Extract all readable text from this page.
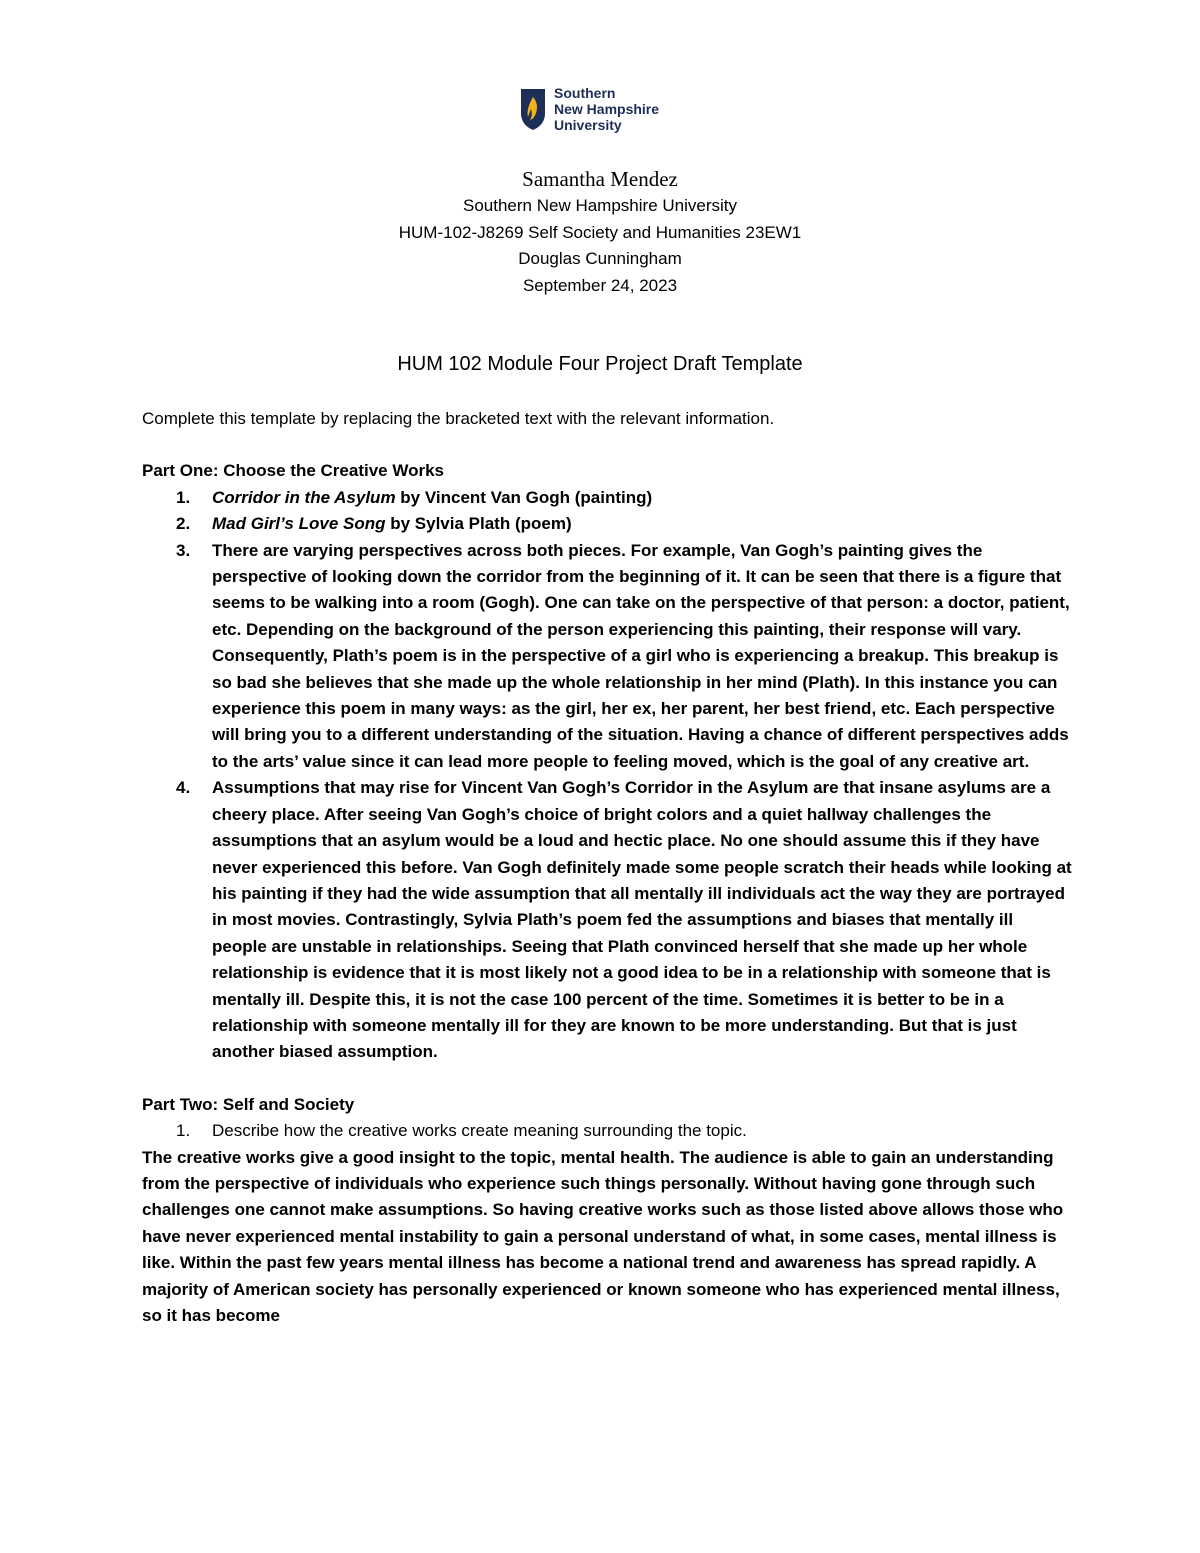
Southern
New Hampshire
University
Samantha Mendez
Southern New Hampshire University
HUM-102-J8269 Self Society and Humanities 23EW1
Douglas Cunningham
September 24, 2023
HUM 102 Module Four Project Draft Template

Complete this template by replacing the bracketed text with the relevant information.

Part One: Choose the Creative Works

1. Corridor in the Asylum by Vincent Van Gogh (painting)
2. Mad Girl’s Love Song by Sylvia Plath (poem)
3. There are varying perspectives across both pieces. For example, Van Gogh’s painting gives the perspective of looking down the corridor from the beginning of it. It can be seen that there is a figure that seems to be walking into a room (Gogh). One can take on the perspective of that person: a doctor, patient, etc. Depending on the background of the person experiencing this painting, their response will vary. Consequently, Plath’s poem is in the perspective of a girl who is experiencing a breakup. This breakup is so bad she believes that she made up the whole relationship in her mind (Plath). In this instance you can experience this poem in many ways: as the girl, her ex, her parent, her best friend, etc. Each perspective will bring you to a different understanding of the situation. Having a chance of different perspectives adds to the arts’ value since it can lead more people to feeling moved, which is the goal of any creative art.
4. Assumptions that may rise for Vincent Van Gogh’s Corridor in the Asylum are that insane asylums are a cheery place. After seeing Van Gogh’s choice of bright colors and a quiet hallway challenges the assumptions that an asylum would be a loud and hectic place. No one should assume this if they have never experienced this before. Van Gogh definitely made some people scratch their heads while looking at his painting if they had the wide assumption that all mentally ill individuals act the way they are portrayed in most movies. Contrastingly, Sylvia Plath’s poem fed the assumptions and biases that mentally ill people are unstable in relationships. Seeing that Plath convinced herself that she made up her whole relationship is evidence that it is most likely not a good idea to be in a relationship with someone that is mentally ill. Despite this, it is not the case 100 percent of the time. Sometimes it is better to be in a relationship with someone mentally ill for they are known to be more understanding. But that is just another biased assumption.

Part Two: Self and Society

1. Describe how the creative works create meaning surrounding the topic.

The creative works give a good insight to the topic, mental health. The audience is able to gain an understanding from the perspective of individuals who experience such things personally. Without having gone through such challenges one cannot make assumptions. So having creative works such as those listed above allows those who have never experienced mental instability to gain a personal understand of what, in some cases, mental illness is like. Within the past few years mental illness has become a national trend and awareness has spread rapidly. A majority of American society has personally experienced or known someone who has experienced mental illness, so it has become
